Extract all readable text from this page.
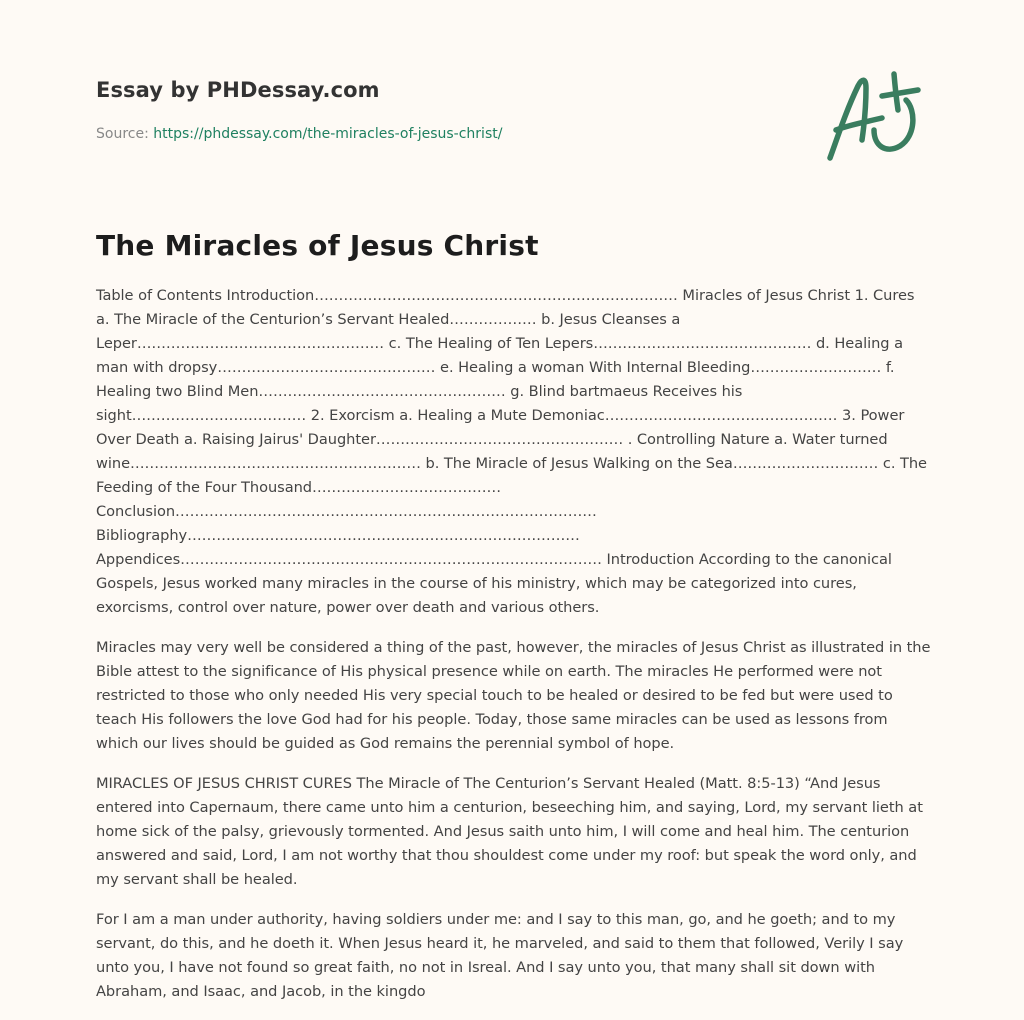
Essay by PHDessay.com
Source: https://phdessay.com/the-miracles-of-jesus-christ/
The Miracles of Jesus Christ

Table of Contents Introduction………………………………………………………………… Miracles of Jesus Christ 1. Cures a. The Miracle of the Centurion’s Servant Healed……………… b. Jesus Cleanses a Leper…………………………………………… c. The Healing of Ten Lepers……………………………………… d. Healing a man with dropsy……………………………………… e. Healing a woman With Internal Bleeding……………………… f. Healing two Blind Men…………………………………………… g. Blind bartmaeus Receives his sight……………………………… 2. Exorcism a. Healing a Mute Demoniac………………………………………… 3. Power Over Death a. Raising Jairus' Daughter…………………………………………… . Controlling Nature a. Water turned wine…………………………………………………… b. The Miracle of Jesus Walking on the Sea………………………… c. The Feeding of the Four Thousand………………………………… Conclusion…………………………………………………………………………… Bibliography……………………………………………………………………… Appendices…………………………………………………………………………… Introduction According to the canonical Gospels, Jesus worked many miracles in the course of his ministry, which may be categorized into cures, exorcisms, control over nature, power over death and various others.

Miracles may very well be considered a thing of the past, however, the miracles of Jesus Christ as illustrated in the Bible attest to the significance of His physical presence while on earth. The miracles He performed were not restricted to those who only needed His very special touch to be healed or desired to be fed but were used to teach His followers the love God had for his people. Today, those same miracles can be used as lessons from which our lives should be guided as God remains the perennial symbol of hope.

MIRACLES OF JESUS CHRIST CURES The Miracle of The Centurion’s Servant Healed (Matt. 8:5-13) “And Jesus entered into Capernaum, there came unto him a centurion, beseeching him, and saying, Lord, my servant lieth at home sick of the palsy, grievously tormented. And Jesus saith unto him, I will come and heal him. The centurion answered and said, Lord, I am not worthy that thou shouldest come under my roof: but speak the word only, and my servant shall be healed.

For I am a man under authority, having soldiers under me: and I say to this man, go, and he goeth; and to my servant, do this, and he doeth it. When Jesus heard it, he marveled, and said to them that followed, Verily I say unto you, I have not found so great faith, no not in Isreal. And I say unto you, that many shall sit down with Abraham, and Isaac, and Jacob, in the kingdo
